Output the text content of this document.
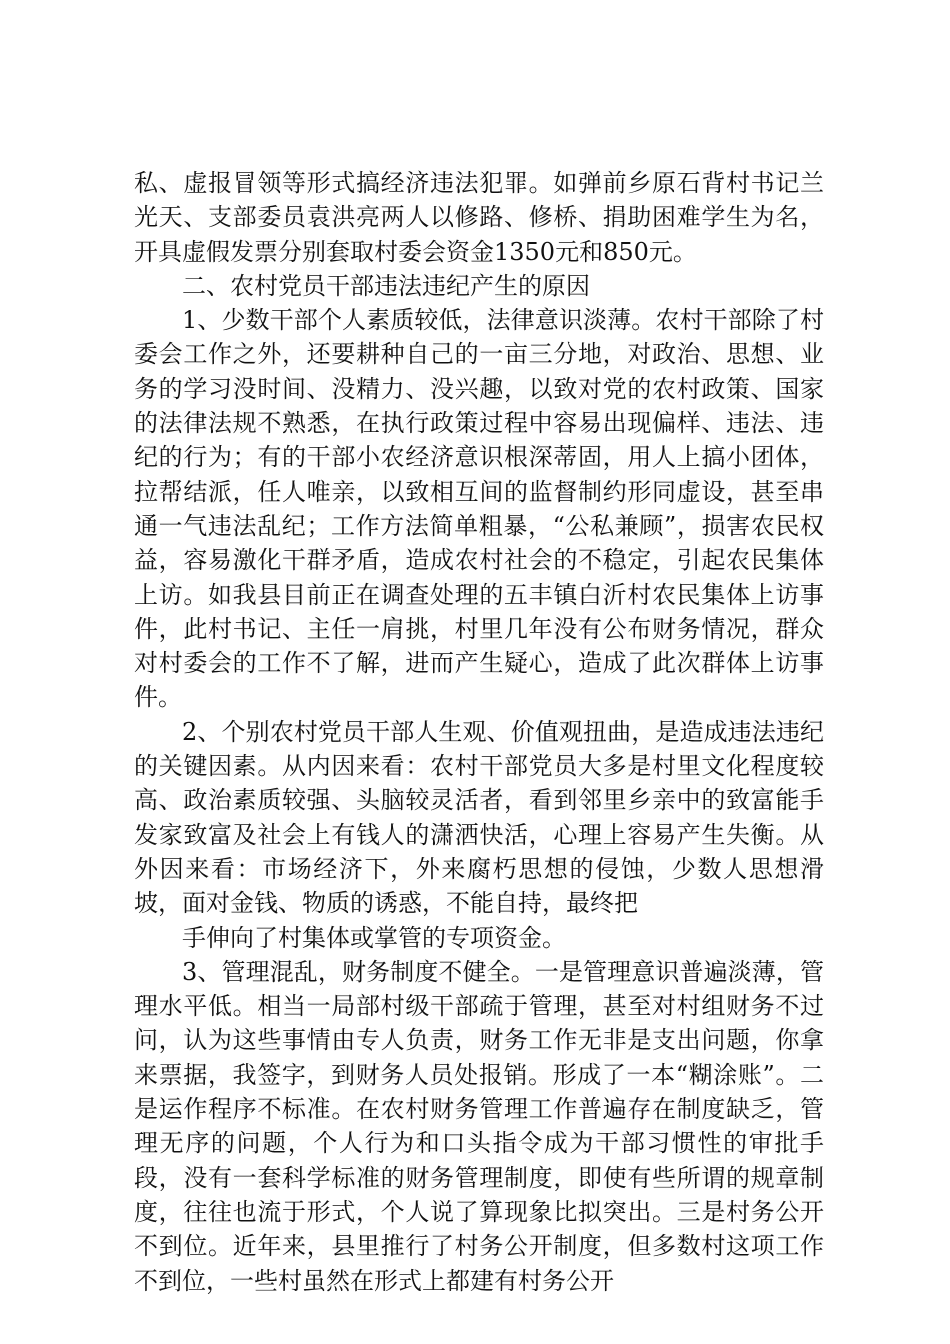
私、虚报冒领等形式搞经济违法犯罪。如弹前乡原石背村书记兰光天、支部委员袁洪亮两人以修路、修桥、捐助困难学生为名，开具虚假发票分别套取村委会资金1350元和850元。

二、农村党员干部违法违纪产生的原因

1、少数干部个人素质较低，法律意识淡薄。农村干部除了村委会工作之外，还要耕种自己的一亩三分地，对政治、思想、业务的学习没时间、没精力、没兴趣，以致对党的农村政策、国家的法律法规不熟悉，在执行政策过程中容易出现偏样、违法、违纪的行为；有的干部小农经济意识根深蒂固，用人上搞小团体，拉帮结派，任人唯亲，以致相互间的监督制约形同虚设，甚至串通一气违法乱纪；工作方法简单粗暴，“公私兼顾”，损害农民权益，容易激化干群矛盾，造成农村社会的不稳定，引起农民集体上访。如我县目前正在调查处理的五丰镇白沂村农民集体上访事件，此村书记、主任一肩挑，村里几年没有公布财务情况，群众对村委会的工作不了解，进而产生疑心，造成了此次群体上访事件。

2、个别农村党员干部人生观、价值观扭曲，是造成违法违纪的关键因素。从内因来看：农村干部党员大多是村里文化程度较高、政治素质较强、头脑较灵活者，看到邻里乡亲中的致富能手发家致富及社会上有钱人的潇洒快活，心理上容易产生失衡。从外因来看：市场经济下，外来腐朽思想的侵蚀，少数人思想滑坡，面对金钱、物质的诱惑，不能自持，最终把

手伸向了村集体或掌管的专项资金。

3、管理混乱，财务制度不健全。一是管理意识普遍淡薄，管理水平低。相当一局部村级干部疏于管理，甚至对村组财务不过问，认为这些事情由专人负责，财务工作无非是支出问题，你拿来票据，我签字，到财务人员处报销。形成了一本“糊涂账”。二是运作程序不标准。在农村财务管理工作普遍存在制度缺乏，管理无序的问题，个人行为和口头指令成为干部习惯性的审批手段，没有一套科学标准的财务管理制度，即使有些所谓的规章制度，往往也流于形式，个人说了算现象比拟突出。三是村务公开不到位。近年来，县里推行了村务公开制度，但多数村这项工作不到位，一些村虽然在形式上都建有村务公开
